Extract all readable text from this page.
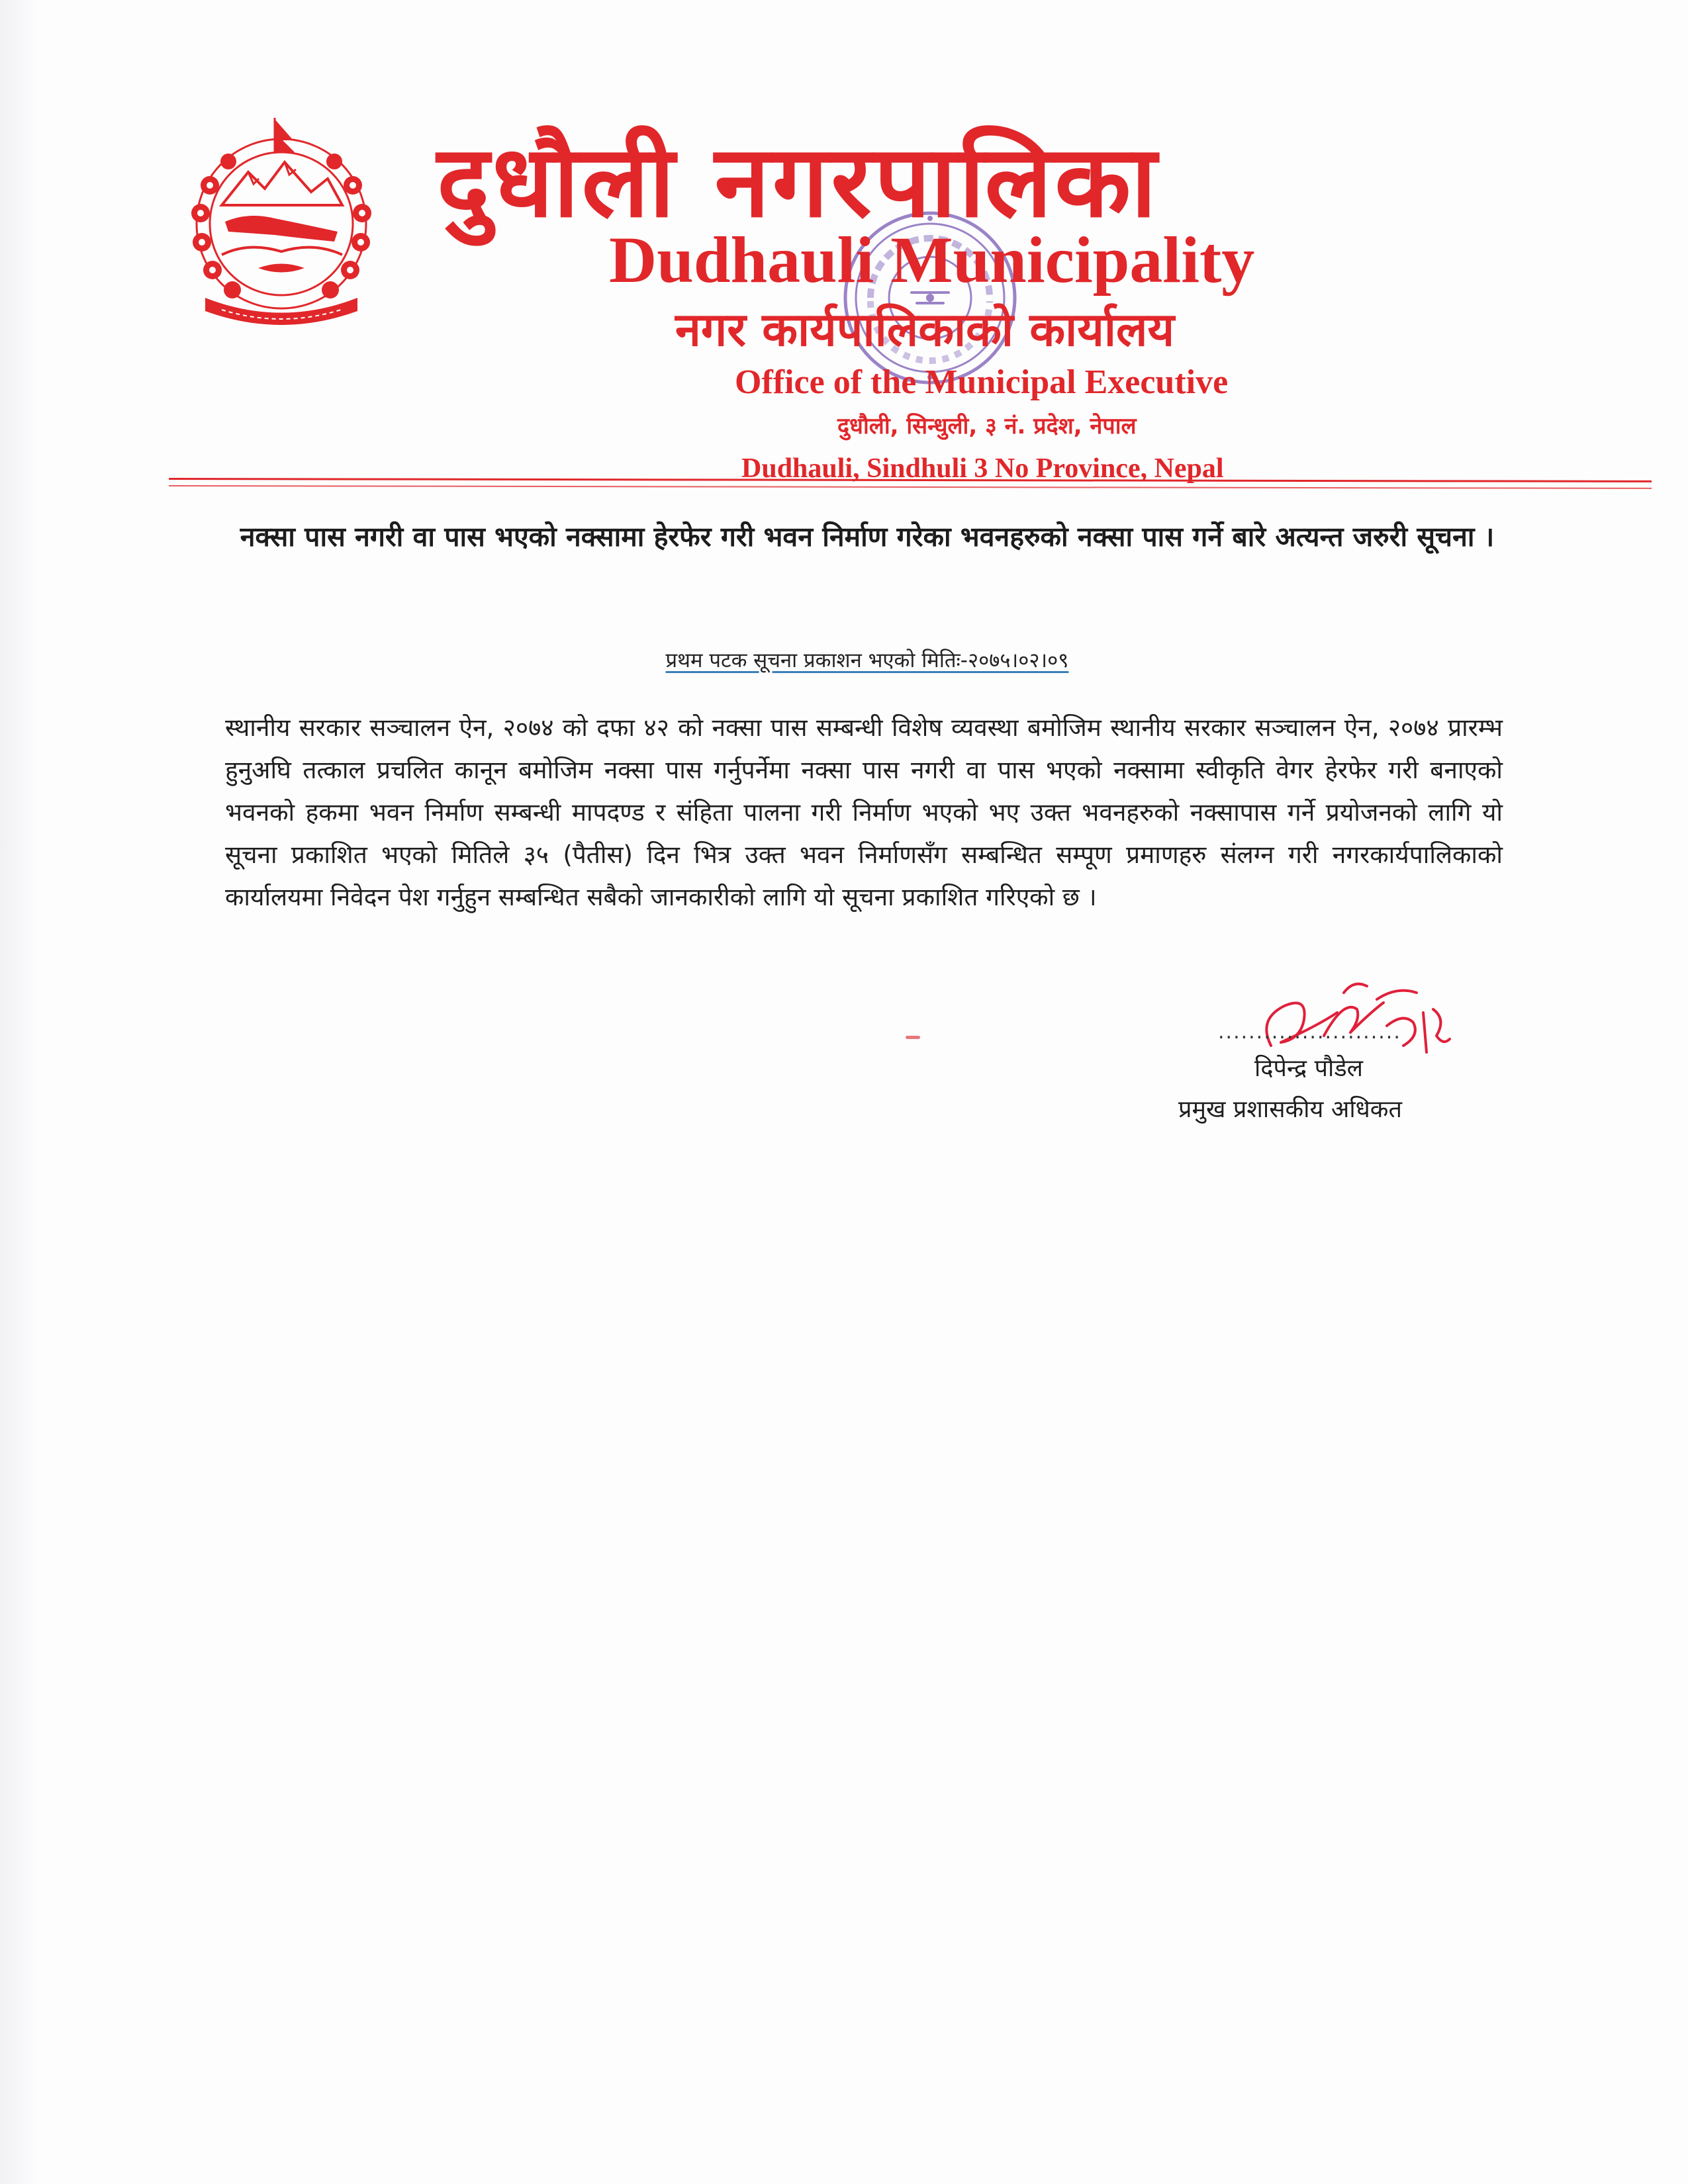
दुधौली नगरपालिका
Dudhauli Municipality
नगर कार्यपालिकाको कार्यालय
Office of the Municipal Executive
दुधौली, सिन्धुली, ३ नं. प्रदेश, नेपाल
Dudhauli, Sindhuli 3 No Province, Nepal
नक्सा पास नगरी वा पास भएको नक्सामा हेरफेर गरी भवन निर्माण गरेका भवनहरुको नक्सा पास गर्ने बारे अत्यन्त जरुरी सूचना ।
प्रथम पटक सूचना प्रकाशन भएको मितिः-२०७५।०२।०९
स्थानीय सरकार सञ्चालन ऐन, २०७४ को दफा ४२ को नक्सा पास सम्बन्धी विशेष व्यवस्था बमोजिम स्थानीय सरकार सञ्चालन ऐन, २०७४ प्रारम्भ हुनुअघि तत्काल प्रचलित कानून बमोजिम नक्सा पास गर्नुपर्नेमा नक्सा पास नगरी वा पास भएको नक्सामा स्वीकृति वेगर हेरफेर गरी बनाएको भवनको हकमा भवन निर्माण सम्बन्धी मापदण्ड र संहिता पालना गरी निर्माण भएको भए उक्त भवनहरुको नक्सापास गर्ने प्रयोजनको लागि यो सूचना प्रकाशित भएको मितिले ३५ (पैतीस) दिन भित्र उक्त भवन निर्माणसँग सम्बन्धित सम्पूण प्रमाणहरु संलग्न गरी नगरकार्यपालिकाको कार्यालयमा निवेदन पेश गर्नुहुन सम्बन्धित सबैको जानकारीको लागि यो सूचना प्रकाशित गरिएको छ ।
........................
दिपेन्द्र पौडेल
प्रमुख प्रशासकीय अधिकत
